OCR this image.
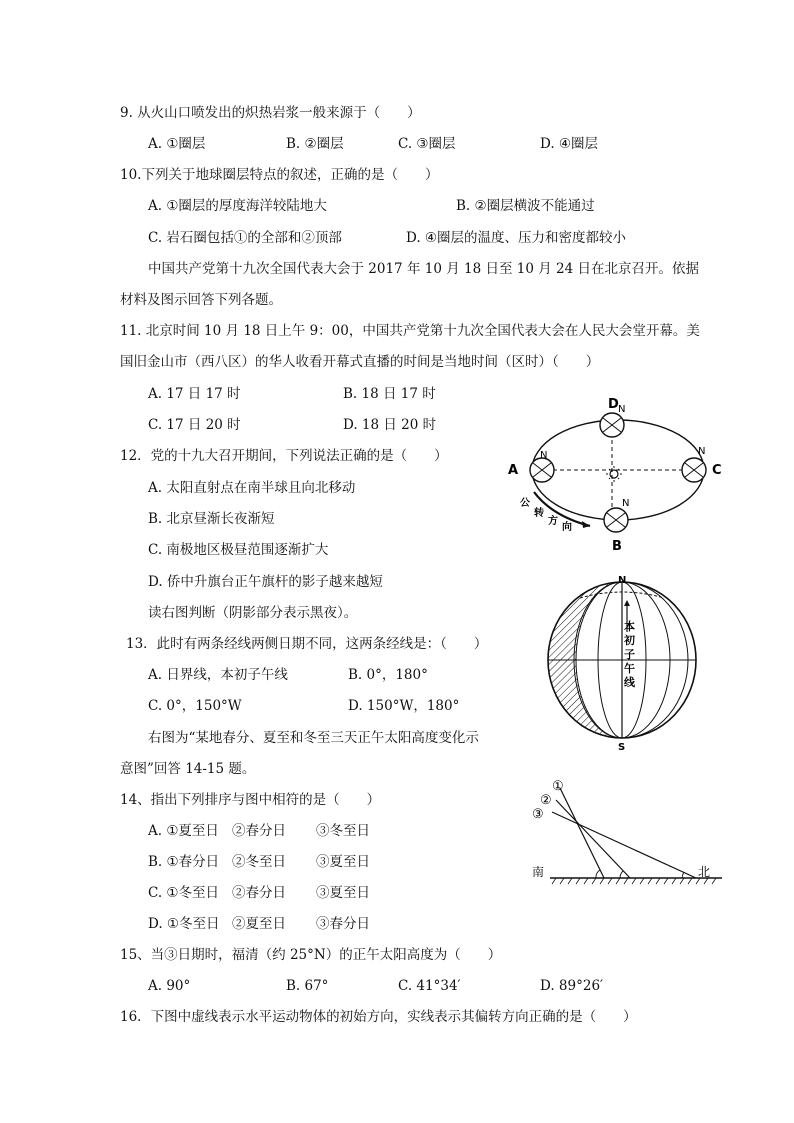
9. 从火山口喷发出的炽热岩浆一般来源于（　　）
A. ①圈层	B. ②圈层	C. ③圈层	D. ④圈层
10.下列关于地球圈层特点的叙述，正确的是（　　）
A. ①圈层的厚度海洋较陆地大	B. ②圈层横波不能通过
C. 岩石圈包括①的全部和②顶部	D. ④圈层的温度、压力和密度都较小
中国共产党第十九次全国代表大会于 2017 年 10 月 18 日至 10 月 24 日在北京召开。依据
材料及图示回答下列各题。
11. 北京时间 10 月 18 日上午 9：00，中国共产党第十九次全国代表大会在人民大会堂开幕。美
国旧金山市（西八区）的华人收看开幕式直播的时间是当地时间（区时）（　　）
A. 17 日 17 时	B. 18 日 17 时
C. 17 日 20 时	D. 18 日 20 时
12．党的十九大召开期间，下列说法正确的是（　　）
A. 太阳直射点在南半球且向北移动
B. 北京昼渐长夜渐短
C. 南极地区极昼范围逐渐扩大
D. 侨中升旗台正午旗杆的影子越来越短
A
D
C
B
N
N	N
N
公
转
方
向
读右图判断（阴影部分表示黑夜）。
13．此时有两条经线两侧日期不同，这两条经线是：（　　）
A. 日界线，本初子午线	B. 0°，180°
C. 0°，150°W	D. 150°W，180°
N
S
本
初
子
午
线
右图为“某地春分、夏至和冬至三天正午太阳高度变化示
意图”回答 14-15 题。
14、指出下列排序与图中相符的是（　　）
A. ①夏至日 ②春分日 ③冬至日
B. ①春分日 ②冬至日 ③夏至日
C. ①冬至日 ②春分日 ③夏至日
D. ①冬至日 ②夏至日 ③春分日
①
②
③
南	北
15、当③日期时，福清（约 25°N）的正午太阳高度为（　　）
A. 90°	B. 67°	C. 41°34′	D. 89°26′
16．下图中虚线表示水平运动物体的初始方向，实线表示其偏转方向正确的是（　　）
